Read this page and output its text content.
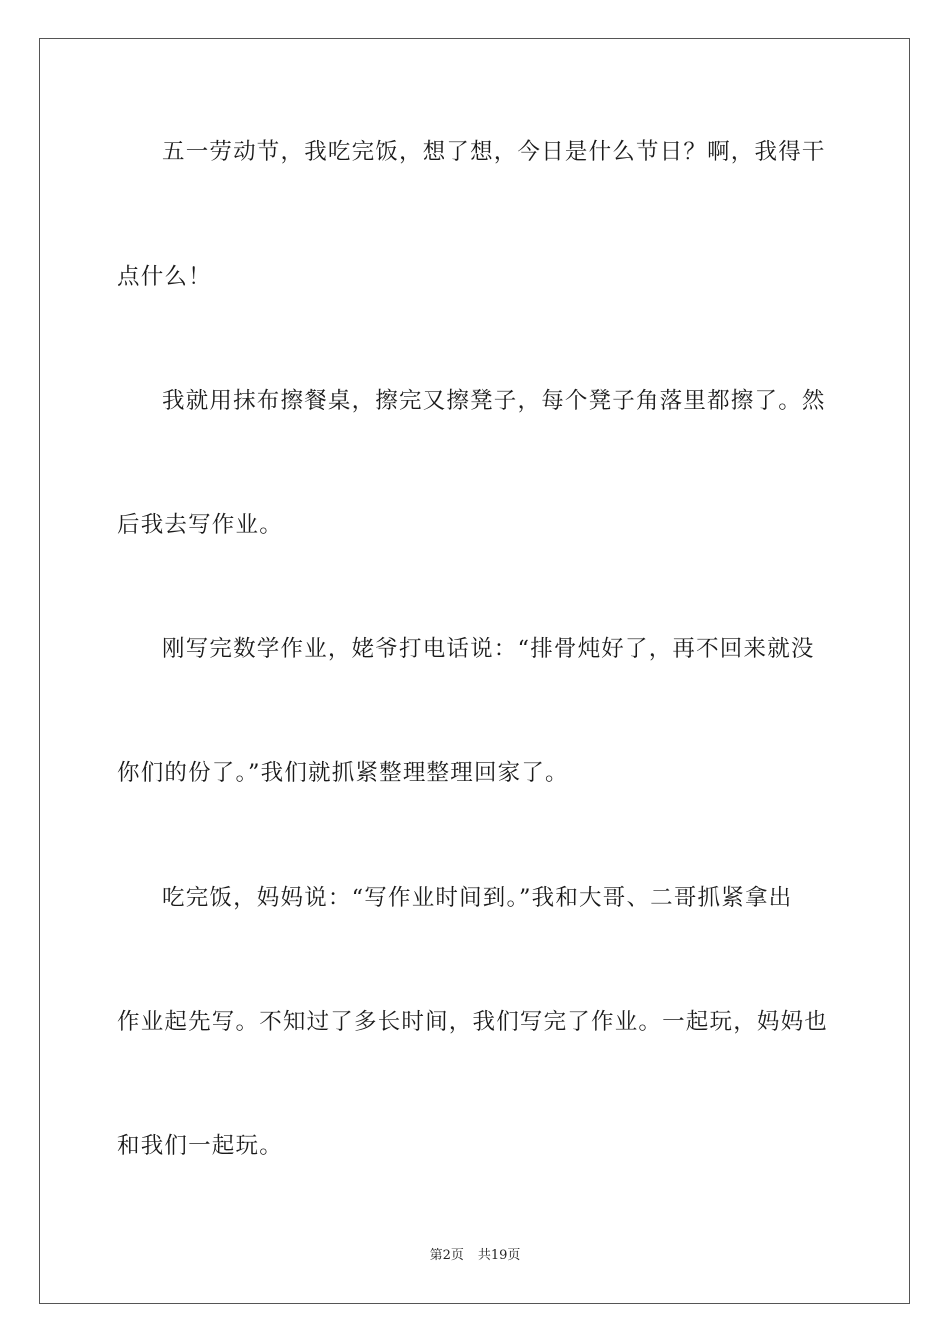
五一劳动节，我吃完饭，想了想，今日是什么节日？啊，我得干
点什么！
我就用抹布擦餐桌，擦完又擦凳子，每个凳子角落里都擦了。然
后我去写作业。
刚写完数学作业，姥爷打电话说：“排骨炖好了，再不回来就没
你们的份了。”我们就抓紧整理整理回家了。
吃完饭，妈妈说：“写作业时间到。”我和大哥、二哥抓紧拿出
作业起先写。不知过了多长时间，我们写完了作业。一起玩，妈妈也
和我们一起玩。
第2页 共19页
